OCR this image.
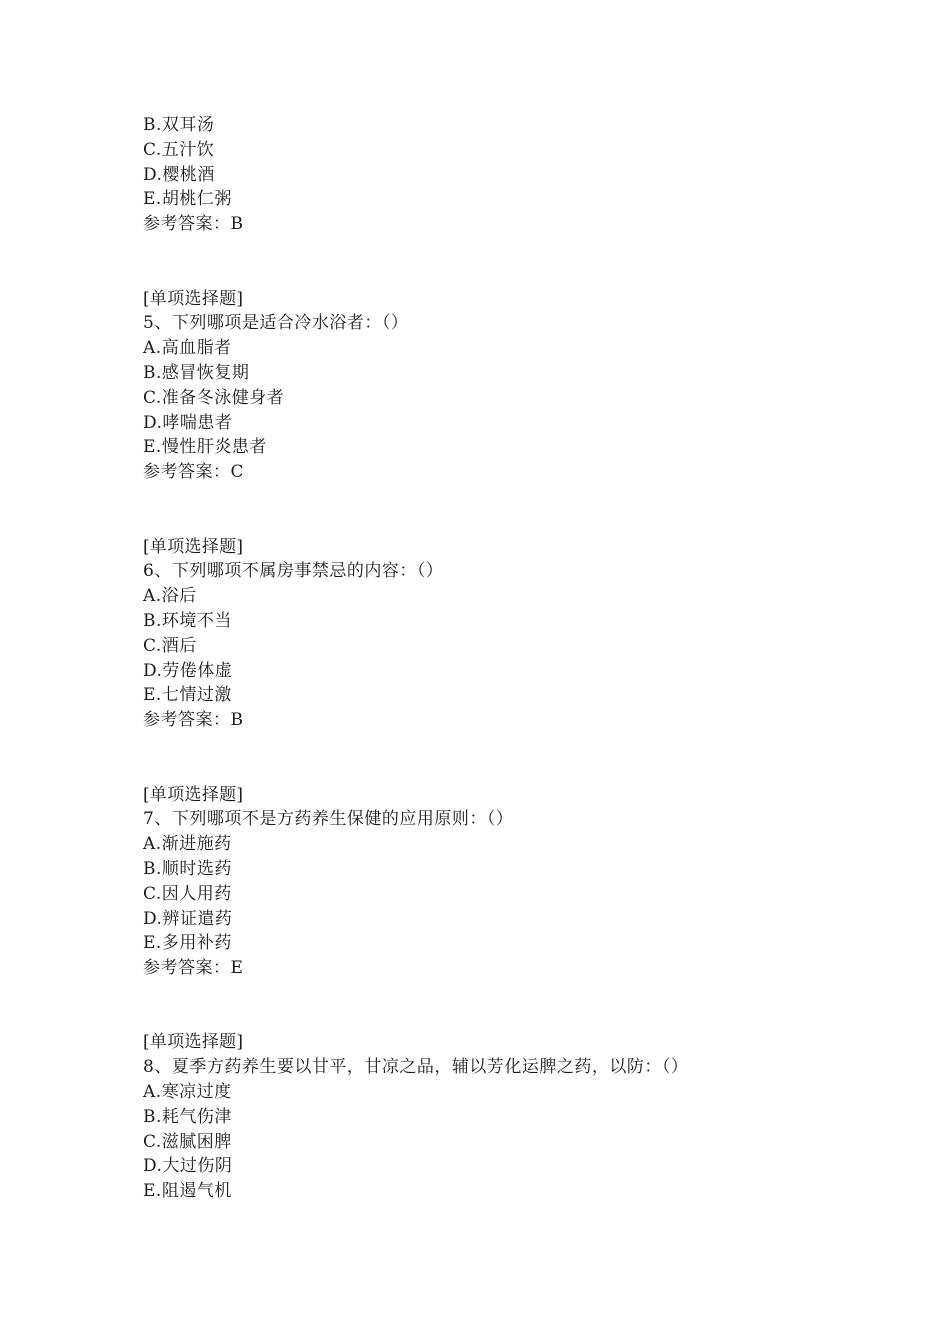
B.双耳汤
C.五汁饮
D.樱桃酒
E.胡桃仁粥
参考答案：B
[单项选择题]
5、下列哪项是适合冷水浴者：（）
A.高血脂者
B.感冒恢复期
C.准备冬泳健身者
D.哮喘患者
E.慢性肝炎患者
参考答案：C
[单项选择题]
6、下列哪项不属房事禁忌的内容：（）
A.浴后
B.环境不当
C.酒后
D.劳倦体虚
E.七情过激
参考答案：B
[单项选择题]
7、下列哪项不是方药养生保健的应用原则：（）
A.渐进施药
B.顺时选药
C.因人用药
D.辨证遣药
E.多用补药
参考答案：E
[单项选择题]
8、夏季方药养生要以甘平，甘凉之品，辅以芳化运脾之药，以防：（）
A.寒凉过度
B.耗气伤津
C.滋腻困脾
D.大过伤阴
E.阻遏气机
